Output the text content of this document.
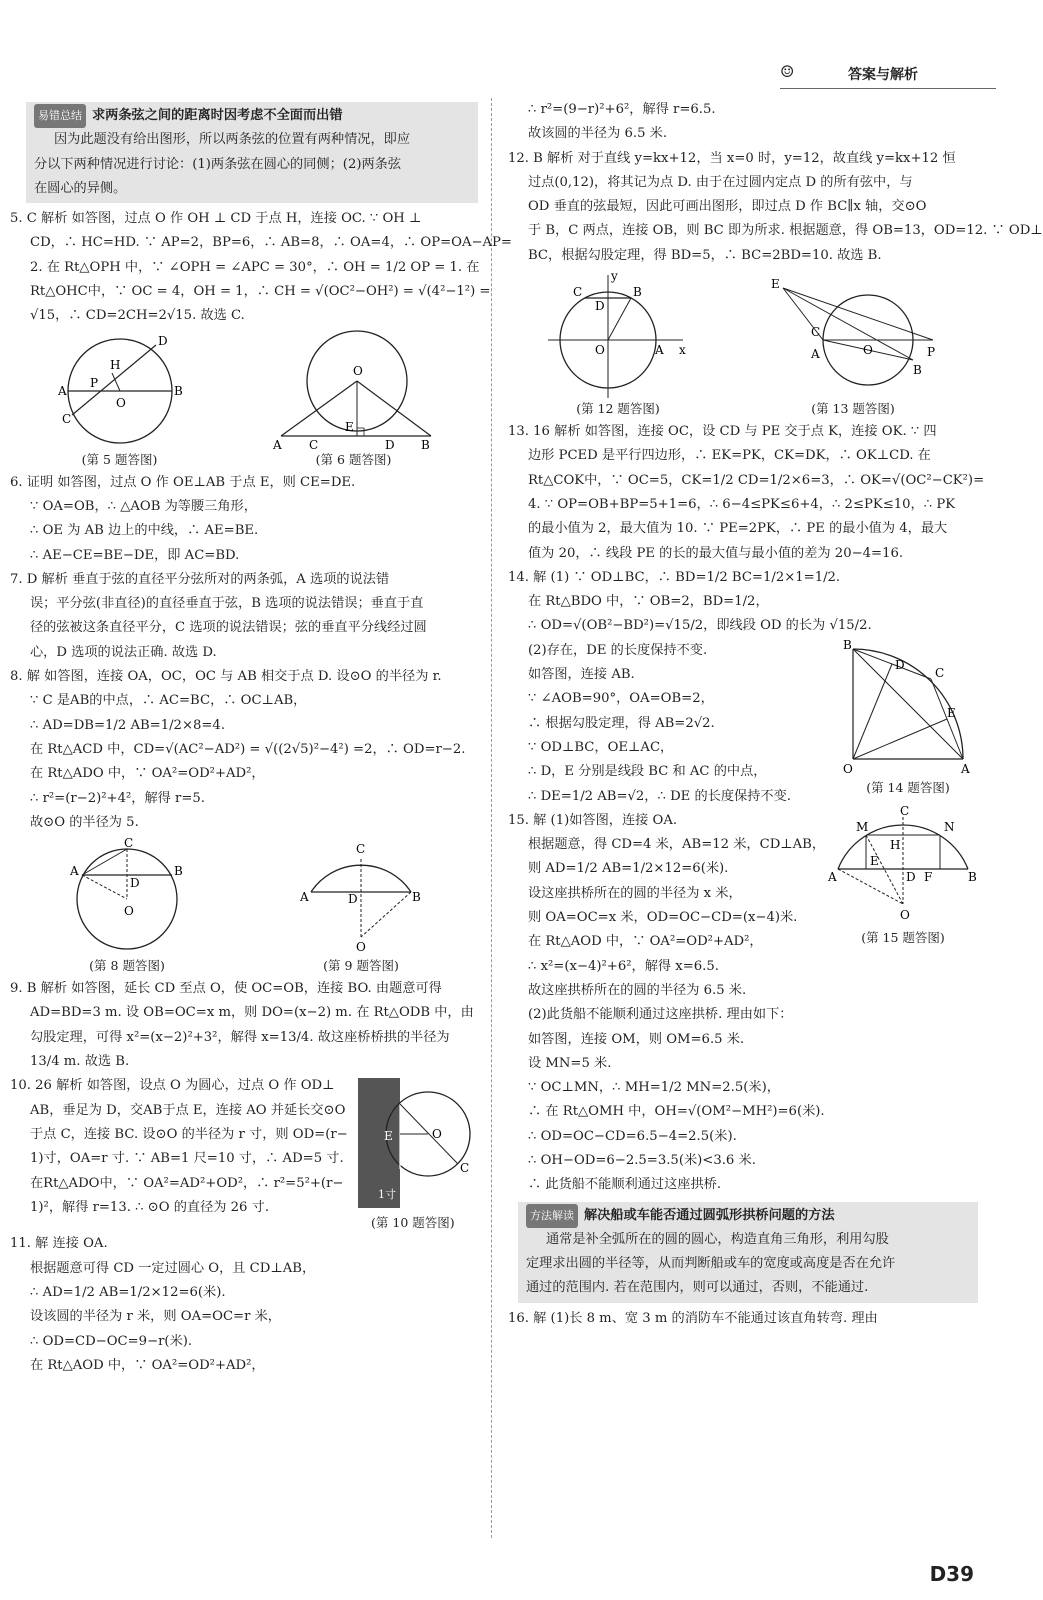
☺	答案与解析
易错总结 求两条弦之间的距离时因考虑不全面而出错
因为此题没有给出图形，所以两条弦的位置有两种情况，即应
分以下两种情况进行讨论：(1)两条弦在圆心的同侧；(2)两条弦
在圆心的异侧。
5. C 解析 如答图，过点 O 作 OH ⊥ CD 于点 H，连接 OC. ∵ OH ⊥
CD，∴ HC=HD. ∵ AP=2，BP=6，∴ AB=8，∴ OA=4，∴ OP=OA−AP=
2. 在 Rt△OPH 中，∵ ∠OPH = ∠APC = 30°，∴ OH = 1/2 OP = 1. 在
Rt△OHC中，∵ OC = 4，OH = 1，∴ CH = √(OC²−OH²) = √(4²−1²) =
√15，∴ CD=2CH=2√15. 故选 C.
A	B
C
D
H
P
O
(第 5 题答图)
O
E
A C	D B
(第 6 题答图)
6. 证明 如答图，过点 O 作 OE⊥AB 于点 E，则 CE=DE.
∵ OA=OB，∴ △AOB 为等腰三角形，
∴ OE 为 AB 边上的中线，∴ AE=BE.
∴ AE−CE=BE−DE，即 AC=BD.
7. D 解析 垂直于弦的直径平分弦所对的两条弧，A 选项的说法错
误；平分弦(非直径)的直径垂直于弦，B 选项的说法错误；垂直于直
径的弦被这条直径平分，C 选项的说法错误；弦的垂直平分线经过圆
心，D 选项的说法正确. 故选 D.
8. 解 如答图，连接 OA，OC，OC 与 AB 相交于点 D. 设⊙O 的半径为 r.
∵ C 是AB的中点，∴ AC=BC，∴ OC⊥AB，
∴ AD=DB=1/2 AB=1/2×8=4.
在 Rt△ACD 中，CD=√(AC²−AD²) = √((2√5)²−4²) =2，∴ OD=r−2.
在 Rt△ADO 中，∵ OA²=OD²+AD²，
∴ r²=(r−2)²+4²，解得 r=5.
故⊙O 的半径为 5.
A	B
C
D
O
(第 8 题答图)
C
A	B
D
O
(第 9 题答图)
9. B 解析 如答图，延长 CD 至点 O，使 OC=OB，连接 BO. 由题意可得
AD=BD=3 m. 设 OB=OC=x m，则 DO=(x−2) m. 在 Rt△ODB 中，由
勾股定理，可得 x²=(x−2)²+3²，解得 x=13/4. 故这座桥桥拱的半径为
13/4 m. 故选 B.
10. 26 解析 如答图，设点 O 为圆心，过点 O 作 OD⊥
AB，垂足为 D，交AB于点 E，连接 AO 并延长交⊙O
于点 C，连接 BC. 设⊙O 的半径为 r 寸，则 OD=(r−
1)寸，OA=r 寸. ∵ AB=1 尺=10 寸，∴ AD=5 寸.
在Rt△ADO中，∵ OA²=AD²+OD²，∴ r²=5²+(r−
1)²，解得 r=13. ∴ ⊙O 的直径为 26 寸.
E	O
C
1寸
(第 10 题答图)
11. 解 连接 OA.
根据题意可得 CD 一定过圆心 O，且 CD⊥AB，
∴ AD=1/2 AB=1/2×12=6(米).
设该圆的半径为 r 米，则 OA=OC=r 米，
∴ OD=CD−OC=9−r(米).
在 Rt△AOD 中，∵ OA²=OD²+AD²，
∴ r²=(9−r)²+6²，解得 r=6.5.
故该圆的半径为 6.5 米.
12. B 解析 对于直线 y=kx+12，当 x=0 时，y=12，故直线 y=kx+12 恒
过点(0,12)，将其记为点 D. 由于在过圆内定点 D 的所有弦中，与
OD 垂直的弦最短，因此可画出图形，即过点 D 作 BC∥x 轴，交⊙O
于 B，C 两点，连接 OB，则 BC 即为所求. 根据题意，得 OB=13，OD=12. ∵ OD⊥
BC，根据勾股定理，得 BD=5，∴ BC=2BD=10. 故选 B.
C	B
D
O	A x
y
(第 12 题答图)
E
C
A	P
B
O
(第 13 题答图)
13. 16 解析 如答图，连接 OC，设 CD 与 PE 交于点 K，连接 OK. ∵ 四
边形 PCED 是平行四边形，∴ EK=PK，CK=DK，∴ OK⊥CD. 在
Rt△COK中，∵ OC=5，CK=1/2 CD=1/2×6=3，∴ OK=√(OC²−CK²)=
4. ∵ OP=OB+BP=5+1=6，∴ 6−4≤PK≤6+4，∴ 2≤PK≤10，∴ PK
的最小值为 2，最大值为 10. ∵ PE=2PK，∴ PE 的最小值为 4，最大
值为 20，∴ 线段 PE 的长的最大值与最小值的差为 20−4=16.
14. 解 (1) ∵ OD⊥BC，∴ BD=1/2 BC=1/2×1=1/2.
在 Rt△BDO 中，∵ OB=2，BD=1/2，
∴ OD=√(OB²−BD²)=√15/2，即线段 OD 的长为 √15/2.
(2)存在，DE 的长度保持不变.
如答图，连接 AB.
∵ ∠AOB=90°，OA=OB=2，
∴ 根据勾股定理，得 AB=2√2.
∵ OD⊥BC，OE⊥AC，
∴ D，E 分别是线段 BC 和 AC 的中点，
∴ DE=1/2 AB=√2，∴ DE 的长度保持不变.
B
O	A
C
D
E
(第 14 题答图)
15. 解 (1)如答图，连接 OA.
根据题意，得 CD=4 米，AB=12 米，CD⊥AB，
则 AD=1/2 AB=1/2×12=6(米).
设这座拱桥所在的圆的半径为 x 米，
则 OA=OC=x 米，OD=OC−CD=(x−4)米.
在 Rt△AOD 中，∵ OA²=OD²+AD²，
∴ x²=(x−4)²+6²，解得 x=6.5.
故这座拱桥所在的圆的半径为 6.5 米.
(2)此货船不能顺利通过这座拱桥. 理由如下：
如答图，连接 OM，则 OM=6.5 米.
设 MN=5 米.
∵ OC⊥MN，∴ MH=1/2 MN=2.5(米)，
∴ 在 Rt△OMH 中，OH=√(OM²−MH²)=6(米).
∴ OD=OC−CD=6.5−4=2.5(米).
∴ OH−OD=6−2.5=3.5(米)<3.6 米.
∴ 此货船不能顺利通过这座拱桥.
M	N
C
H
E
D F
A	B
O
(第 15 题答图)
方法解读 解决船或车能否通过圆弧形拱桥问题的方法
通常是补全弧所在的圆的圆心，构造直角三角形，利用勾股
定理求出圆的半径等，从而判断船或车的宽度或高度是否在允许
通过的范围内. 若在范围内，则可以通过，否则，不能通过.
16. 解 (1)长 8 m、宽 3 m 的消防车不能通过该直角转弯. 理由
D39
